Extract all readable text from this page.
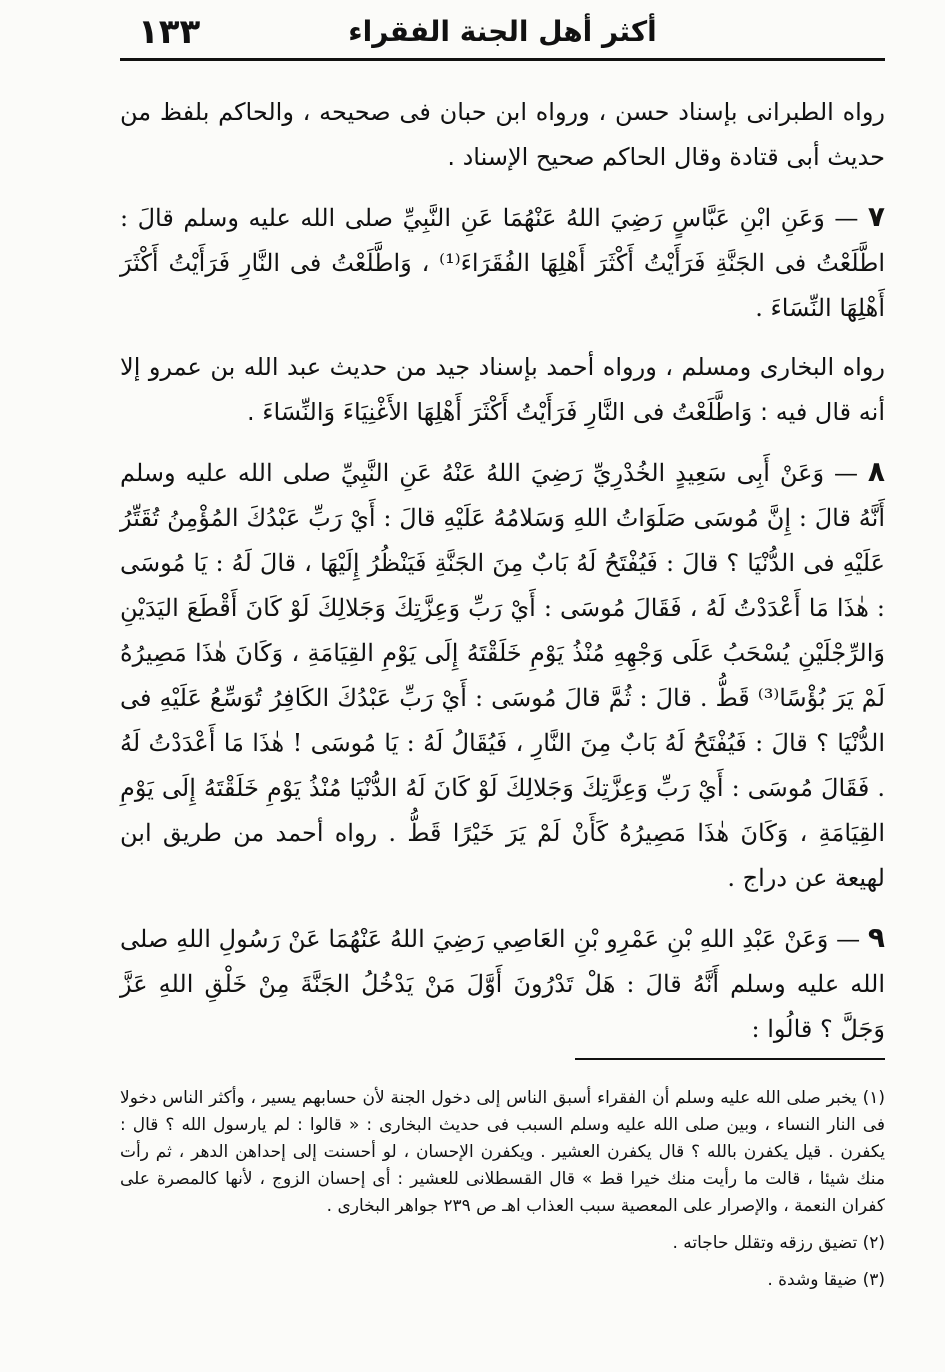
١٣٣	أكثر أهل الجنة الفقراء

رواه الطبرانى بإسناد حسن ، ورواه ابن حبان فى صحيحه ، والحاكم بلفظ من حديث أبى قتادة وقال الحاكم صحيح الإسناد .

٧ — وَعَنِ ابْنِ عَبَّاسٍ رَضِيَ اللهُ عَنْهُمَا عَنِ النَّبِيِّ صلى الله عليه وسلم قالَ : اطَّلَعْتُ فى الجَنَّةِ فَرَأَيْتُ أَكْثَرَ أَهْلِهَا الفُقَرَاءَ⁽¹⁾ ، وَاطَّلَعْتُ فى النَّارِ فَرَأَيْتُ أَكْثَرَ أَهْلِهَا النِّسَاءَ .

رواه البخارى ومسلم ، ورواه أحمد بإسناد جيد من حديث عبد الله بن عمرو إلا أنه قال فيه : وَاطَّلَعْتُ فى النَّارِ فَرَأَيْتُ أَكْثَرَ أَهْلِهَا الأَغْنِيَاءَ وَالنِّسَاءَ .

٨ — وَعَنْ أَبِى سَعِيدٍ الخُدْرِيِّ رَضِيَ اللهُ عَنْهُ عَنِ النَّبِيِّ صلى الله عليه وسلم أَنَّهُ قالَ : إِنَّ مُوسَى صَلَوَاتُ اللهِ وَسَلامُهُ عَلَيْهِ قالَ : أَيْ رَبِّ عَبْدُكَ المُؤْمِنُ تُقَتِّرُ عَلَيْهِ فى الدُّنْيَا ؟ قالَ : فَيُفْتَحُ لَهُ بَابٌ مِنَ الجَنَّةِ فَيَنْظُرُ إِلَيْهَا ، قالَ لَهُ : يَا مُوسَى : هٰذَا مَا أَعْدَدْتُ لَهُ ، فَقَالَ مُوسَى : أَيْ رَبِّ وَعِزَّتِكَ وَجَلالِكَ لَوْ كَانَ أَقْطَعَ اليَدَيْنِ وَالرِّجْلَيْنِ يُسْحَبُ عَلَى وَجْهِهِ مُنْذُ يَوْمِ خَلَقْتَهُ إِلَى يَوْمِ القِيَامَةِ ، وَكَانَ هٰذَا مَصِيرُهُ لَمْ يَرَ بُؤْسًا⁽³⁾ قَطُّ . قالَ : ثُمَّ قالَ مُوسَى : أَيْ رَبِّ عَبْدُكَ الكَافِرُ تُوَسِّعُ عَلَيْهِ فى الدُّنْيَا ؟ قالَ : فَيُفْتَحُ لَهُ بَابٌ مِنَ النَّارِ ، فَيُقَالُ لَهُ : يَا مُوسَى ! هٰذَا مَا أَعْدَدْتُ لَهُ . فَقَالَ مُوسَى : أَيْ رَبِّ وَعِزَّتِكَ وَجَلالِكَ لَوْ كَانَ لَهُ الدُّنْيَا مُنْذُ يَوْمِ خَلَقْتَهُ إِلَى يَوْمِ القِيَامَةِ ، وَكَانَ هٰذَا مَصِيرُهُ كَأَنْ لَمْ يَرَ خَيْرًا قَطُّ . رواه أحمد من طريق ابن لهيعة عن دراج .

٩ — وَعَنْ عَبْدِ اللهِ بْنِ عَمْرِو بْنِ العَاصِي رَضِيَ اللهُ عَنْهُمَا عَنْ رَسُولِ اللهِ صلى الله عليه وسلم أَنَّهُ قالَ : هَلْ تَدْرُونَ أَوَّلَ مَنْ يَدْخُلُ الجَنَّةَ مِنْ خَلْقِ اللهِ عَزَّ وَجَلَّ ؟ قالُوا :

(١) يخبر صلى الله عليه وسلم أن الفقراء أسبق الناس إلى دخول الجنة لأن حسابهم يسير ، وأكثر الناس دخولا فى النار النساء ، وبين صلى الله عليه وسلم السبب فى حديث البخارى : « قالوا : لم يارسول الله ؟ قال : يكفرن . قيل يكفرن بالله ؟ قال يكفرن العشير . ويكفرن الإحسان ، لو أحسنت إلى إحداهن الدهر ، ثم رأت منك شيئا ، قالت ما رأيت منك خيرا قط » قال القسطلانى للعشير : أى إحسان الزوج ، لأنها كالمصرة على كفران النعمة ، والإصرار على المعصية سبب العذاب اهـ ص ٢٣٩ جواهر البخارى .

(٢) تضيق رزقه وتقلل حاجاته .

(٣) ضيقا وشدة .
